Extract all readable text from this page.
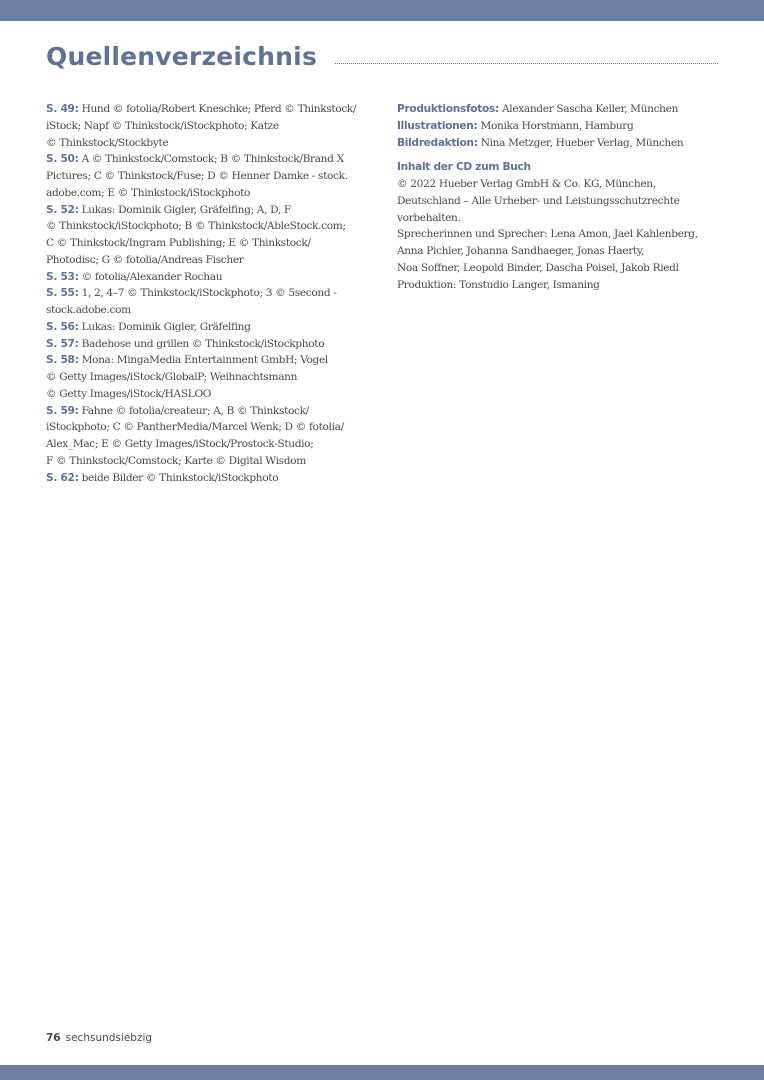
Quellenverzeichnis
S. 49: Hund © fotolia/Robert Kneschke; Pferd © Thinkstock/
iStock; Napf © Thinkstock/iStockphoto; Katze
© Thinkstock/Stockbyte
S. 50: A © Thinkstock/Comstock; B © Thinkstock/Brand X
Pictures; C © Thinkstock/Fuse; D © Henner Damke - stock.
adobe.com; E © Thinkstock/iStockphoto
S. 52: Lukas: Dominik Gigler, Gräfelfing; A, D, F
© Thinkstock/iStockphoto; B © Thinkstock/AbleStock.com;
C © Thinkstock/Ingram Publishing; E © Thinkstock/
Photodisc; G © fotolia/Andreas Fischer
S. 53: © fotolia/Alexander Rochau
S. 55: 1, 2, 4–7 © Thinkstock/iStockphoto; 3 © 5second -
stock.adobe.com
S. 56: Lukas: Dominik Gigler, Gräfelfing
S. 57: Badehose und grillen © Thinkstock/iStockphoto
S. 58: Mona: MingaMedia Entertainment GmbH; Vogel
© Getty Images/iStock/GlobalP; Weihnachtsmann
© Getty Images/iStock/HASLOO
S. 59: Fahne © fotolia/createur; A, B © Thinkstock/
iStockphoto; C © PantherMedia/Marcel Wenk; D © fotolia/
Alex_Mac; E © Getty Images/iStock/Prostock-Studio;
F © Thinkstock/Comstock; Karte © Digital Wisdom
S. 62: beide Bilder © Thinkstock/iStockphoto
Produktionsfotos: Alexander Sascha Keller, München
Illustrationen: Monika Horstmann, Hamburg
Bildredaktion: Nina Metzger, Hueber Verlag, München
Inhalt der CD zum Buch
© 2022 Hueber Verlag GmbH & Co. KG, München,
Deutschland – Alle Urheber- und Leistungsschutzrechte
vorbehalten.
Sprecherinnen und Sprecher: Lena Amon, Jael Kahlenberg,
Anna Pichler, Johanna Sandhaeger, Jonas Haerty,
Noa Soffner, Leopold Binder, Dascha Poisel, Jakob Riedl
Produktion: Tonstudio Langer, Ismaning
76 sechsundsiebzig
